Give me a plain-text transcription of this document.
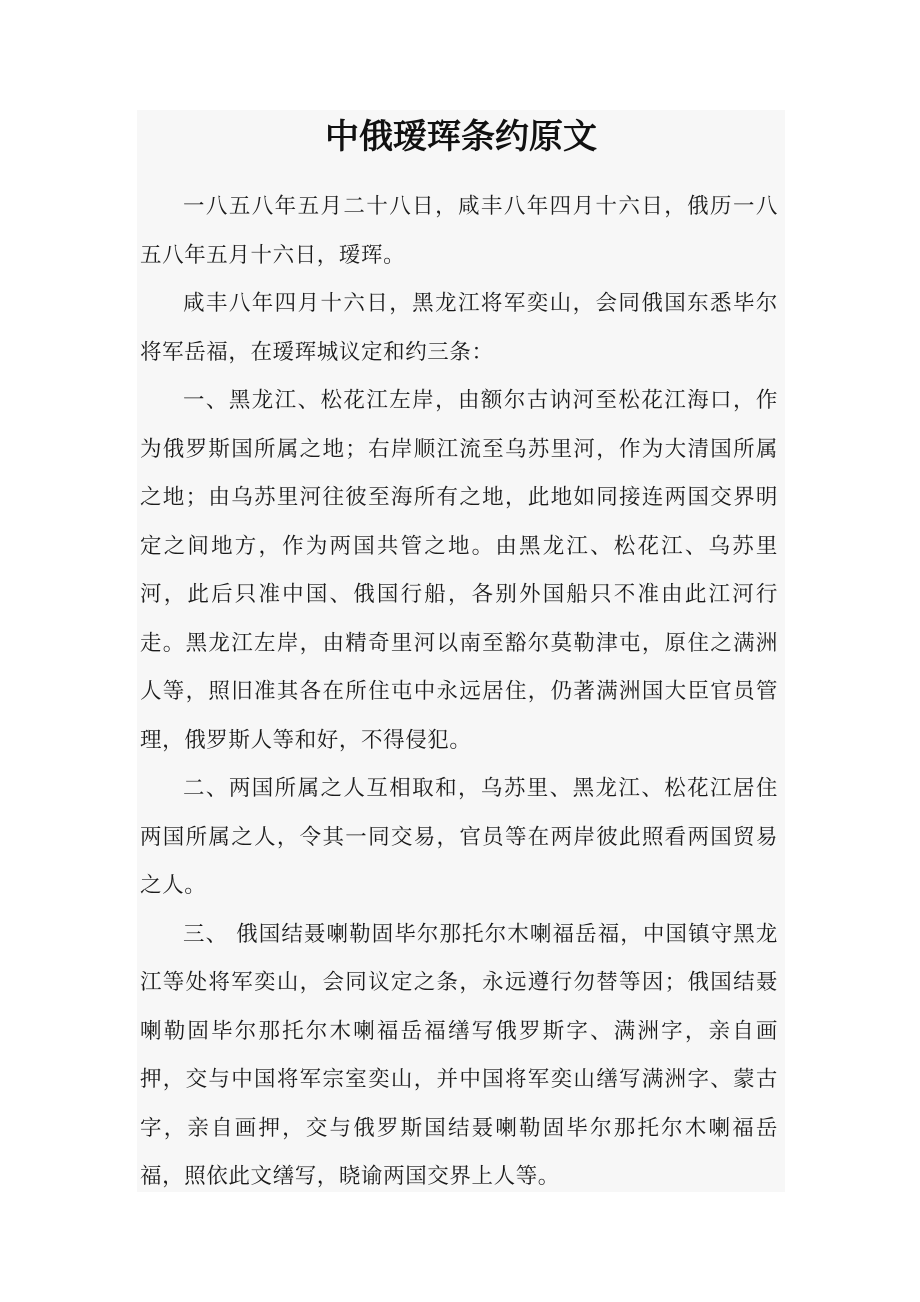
中俄瑷珲条约原文

一八五八年五月二十八日，咸丰八年四月十六日，俄历一八五八年五月十六日，瑷珲。

咸丰八年四月十六日，黑龙江将军奕山，会同俄国东悉毕尔将军岳福，在瑷珲城议定和约三条：

一、黑龙江、松花江左岸，由额尔古讷河至松花江海口，作为俄罗斯国所属之地；右岸顺江流至乌苏里河，作为大清国所属之地；由乌苏里河往彼至海所有之地，此地如同接连两国交界明定之间地方，作为两国共管之地。由黑龙江、松花江、乌苏里河，此后只准中国、俄国行船，各别外国船只不准由此江河行走。黑龙江左岸，由精奇里河以南至豁尔莫勒津屯，原住之满洲人等，照旧准其各在所住屯中永远居住，仍著满洲国大臣官员管理，俄罗斯人等和好，不得侵犯。

二、两国所属之人互相取和，乌苏里、黑龙江、松花江居住两国所属之人，令其一同交易，官员等在两岸彼此照看两国贸易之人。

三、 俄国结聂喇勒固毕尔那托尔木喇福岳福，中国镇守黑龙江等处将军奕山，会同议定之条，永远遵行勿替等因；俄国结聂喇勒固毕尔那托尔木喇福岳福缮写俄罗斯字、满洲字，亲自画押，交与中国将军宗室奕山，并中国将军奕山缮写满洲字、蒙古字，亲自画押，交与俄罗斯国结聂喇勒固毕尔那托尔木喇福岳福，照依此文缮写，晓谕两国交界上人等。
